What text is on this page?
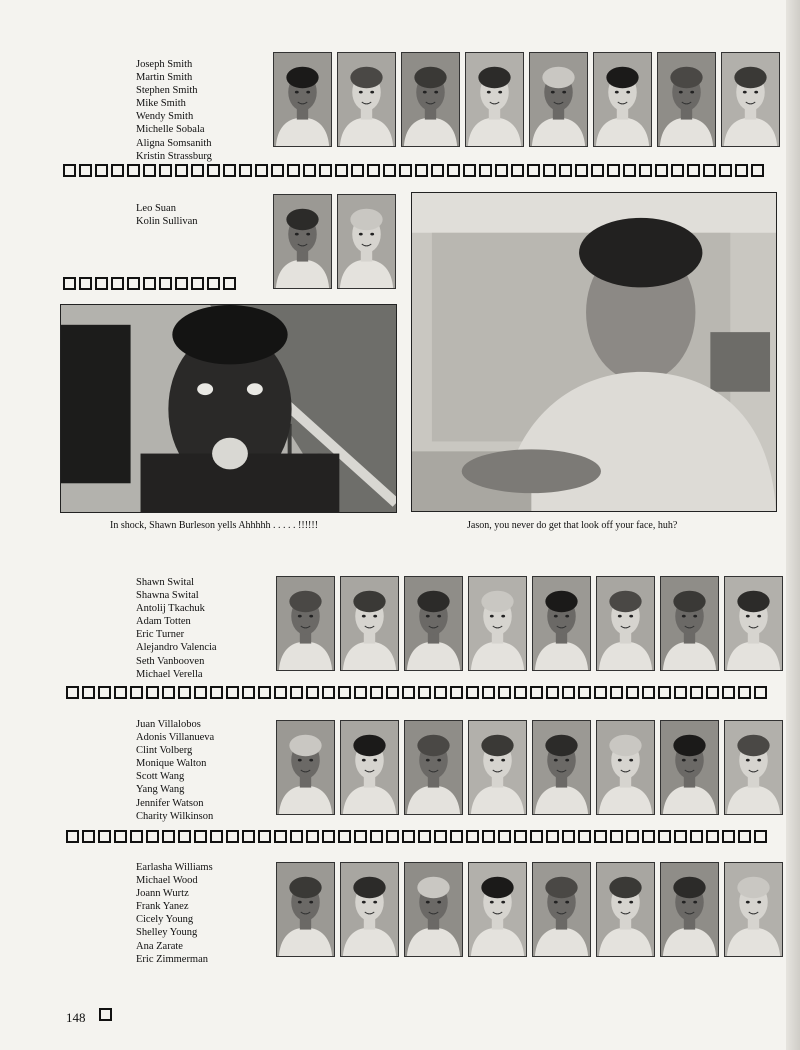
Joseph Smith
Martin Smith
Stephen Smith
Mike Smith
Wendy Smith
Michelle Sobala
Aligna Somsanith
Kristin Strassburg
Leo Suan
Kolin Sullivan
In shock, Shawn Burleson yells Ahhhhh . . . . . !!!!!!	Jason, you never do get that look off your face, huh?
Shawn Swital
Shawna Swital
Antolij Tkachuk
Adam Totten
Eric Turner
Alejandro Valencia
Seth Vanbooven
Michael Verella
Juan Villalobos
Adonis Villanueva
Clint Volberg
Monique Walton
Scott Wang
Yang Wang
Jennifer Watson
Charity Wilkinson
Earlasha Williams
Michael Wood
Joann Wurtz
Frank Yanez
Cicely Young
Shelley Young
Ana Zarate
Eric Zimmerman
148
